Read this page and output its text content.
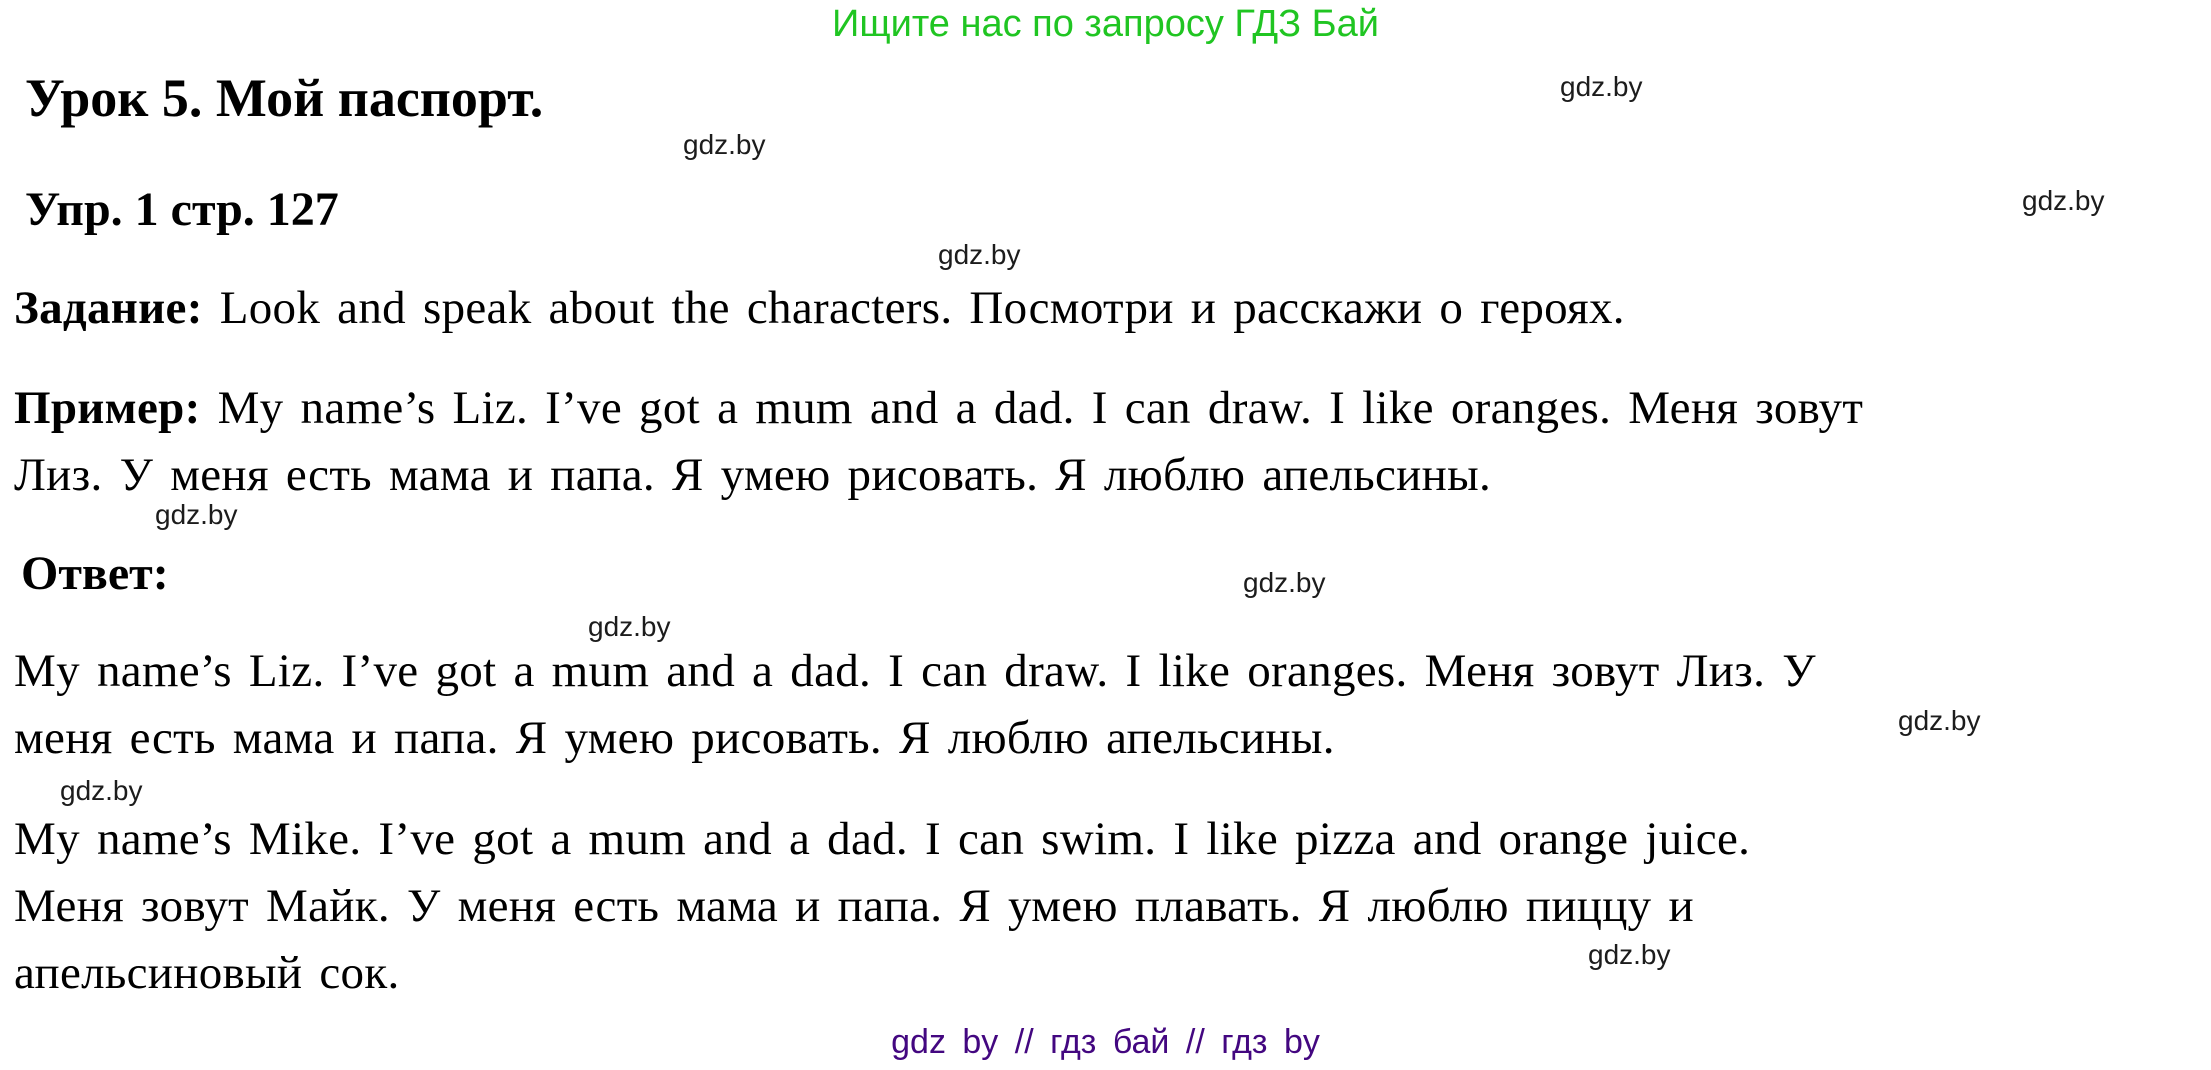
Ищите нас по запросу ГДЗ Бай
gdz.by
Урок 5. Мой паспорт.
gdz.by
Упр. 1 стр. 127	gdz.by
gdz.by
Задание: Look and speak about the characters. Посмотри и расскажи о героях.
Пример: My name’s Liz. I’ve got a mum and a dad. I can draw. I like oranges. Меня зовут
Лиз. У меня есть мама и папа. Я умею рисовать. Я люблю апельсины.
gdz.by
Ответ:	gdz.by
gdz.by
My name’s Liz. I’ve got a mum and a dad. I can draw. I like oranges. Меня зовут Лиз. У
меня есть мама и папа. Я умею рисовать. Я люблю апельсины.	gdz.by
gdz.by
My name’s Mike. I’ve got a mum and a dad. I can swim. I like pizza and orange juice.
Меня зовут Майк. У меня есть мама и папа. Я умею плавать. Я люблю пиццу и
апельсиновый сок.	gdz.by
gdz by // гдз бай // гдз by
